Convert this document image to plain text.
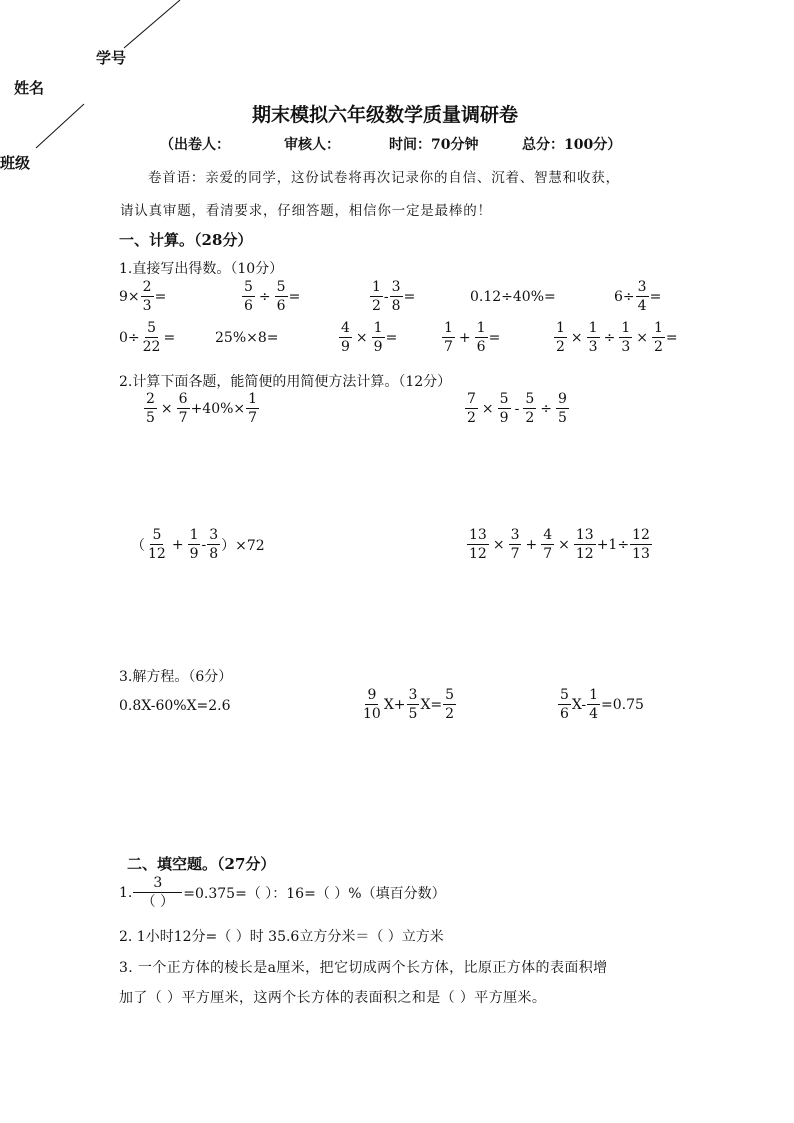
学号
姓名
班级
期末模拟六年级数学质量调研卷
（出卷人：	审核人：	时间：70分钟	总分：100分）
卷首语：亲爱的同学，这份试卷将再次记录你的自信、沉着、智慧和收获，
请认真审题，看清要求，仔细答题，相信你一定是最棒的！
一、计算。（28分）
1.直接写出得数。（10分）
$9\times \frac{2}{3}$ =	$\frac{5}{6} \div \frac{5}{6}$ =	$\frac{1}{2} - \frac{3}{8}$ =	0.12÷40%=	$6\div \frac{3}{4}$ =
$0\div \frac{5}{22}$ =	25%×8=	$\frac{4}{9} \times \frac{1}{9}$ =	$\frac{1}{7} + \frac{1}{6}$ =	$\frac{1}{2} \times \frac{1}{3} \div \frac{1}{3} \times \frac{1}{2}$ =
2.计算下面各题，能简便的用简便方法计算。（12分）
$\frac{2}{5} \times \frac{6}{7} +40\%\times \frac{1}{7}$	$\frac{7}{2} \times \frac{5}{9} - \frac{5}{2} \div \frac{9}{5}$
（ $\frac{5}{12} + \frac{1}{9} - \frac{3}{8} )\times 72$	$\frac{13}{12} \times \frac{3}{7} + \frac{4}{7} \times \frac{13}{12} +1\div \frac{12}{13}$
3.解方程。（6分）
0.8X-60%X=2.6	$\frac{9}{10} X+ \frac{3}{5} X= \frac{5}{2}$	$\frac{5}{6} X- \frac{1}{4} =0.75$
二、填空题。（27分）
1. $\frac{3}{( )} =0.375=$（ ）：16=（ ）%（填百分数）
2. 1小时12分=（ ）时 35.6立方分米＝（ ）立方米
3. 一个正方体的棱长是a厘米，把它切成两个长方体，比原正方体的表面积增
加了（ ）平方厘米，这两个长方体的表面积之和是（ ）平方厘米。
